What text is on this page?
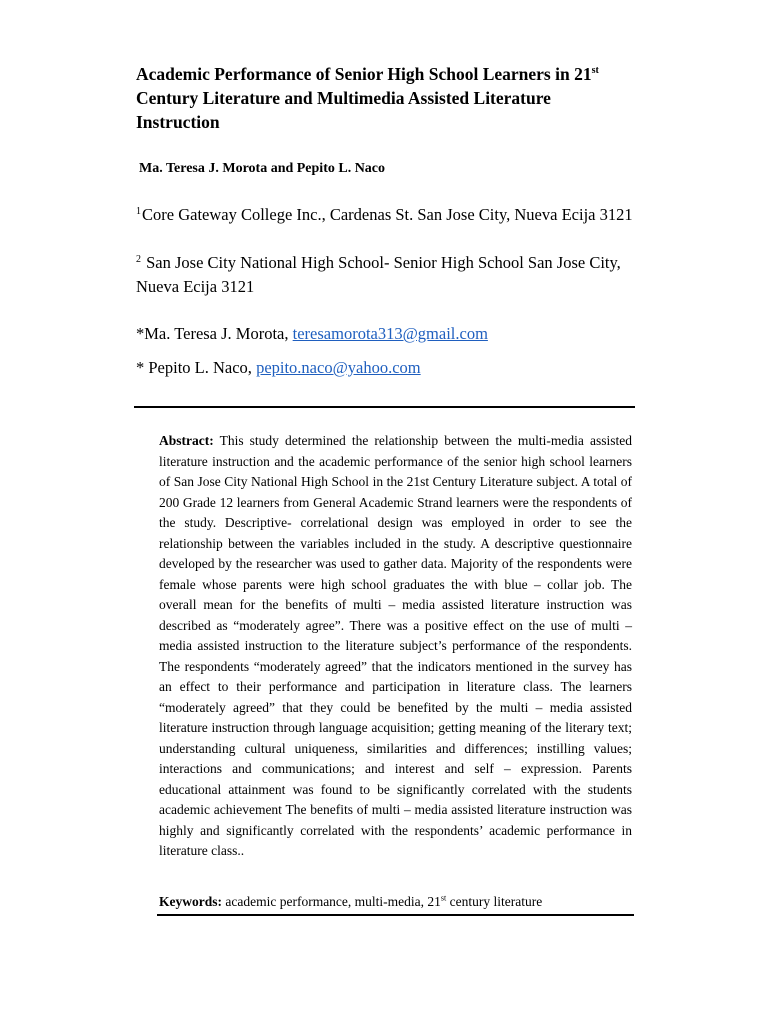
Academic Performance of Senior High School Learners in 21st Century Literature and Multimedia Assisted Literature Instruction
Ma. Teresa J. Morota and Pepito L. Naco
$^1$Core Gateway College Inc., Cardenas St. San Jose City, Nueva Ecija 3121
$^2$ San Jose City National High School- Senior High School San Jose City, Nueva Ecija 3121
*Ma. Teresa J. Morota, teresamorota313@gmail.com
* Pepito L. Naco, pepito.naco@yahoo.com

Abstract: This study determined the relationship between the multi-media assisted literature instruction and the academic performance of the senior high school learners of San Jose City National High School in the 21st Century Literature subject. A total of 200 Grade 12 learners from General Academic Strand learners were the respondents of the study. Descriptive- correlational design was employed in order to see the relationship between the variables included in the study. A descriptive questionnaire developed by the researcher was used to gather data. Majority of the respondents were female whose parents were high school graduates the with blue – collar job. The overall mean for the benefits of multi – media assisted literature instruction was described as “moderately agree”. There was a positive effect on the use of multi – media assisted instruction to the literature subject’s performance of the respondents. The respondents “moderately agreed” that the indicators mentioned in the survey has an effect to their performance and participation in literature class. The learners “moderately agreed” that they could be benefited by the multi – media assisted literature instruction through language acquisition; getting meaning of the literary text; understanding cultural uniqueness, similarities and differences; instilling values; interactions and communications; and interest and self – expression. Parents educational attainment was found to be significantly correlated with the students academic achievement The benefits of multi – media assisted literature instruction was highly and significantly correlated with the respondents’ academic performance in literature class..

Keywords: academic performance, multi-media, 21st century literature
